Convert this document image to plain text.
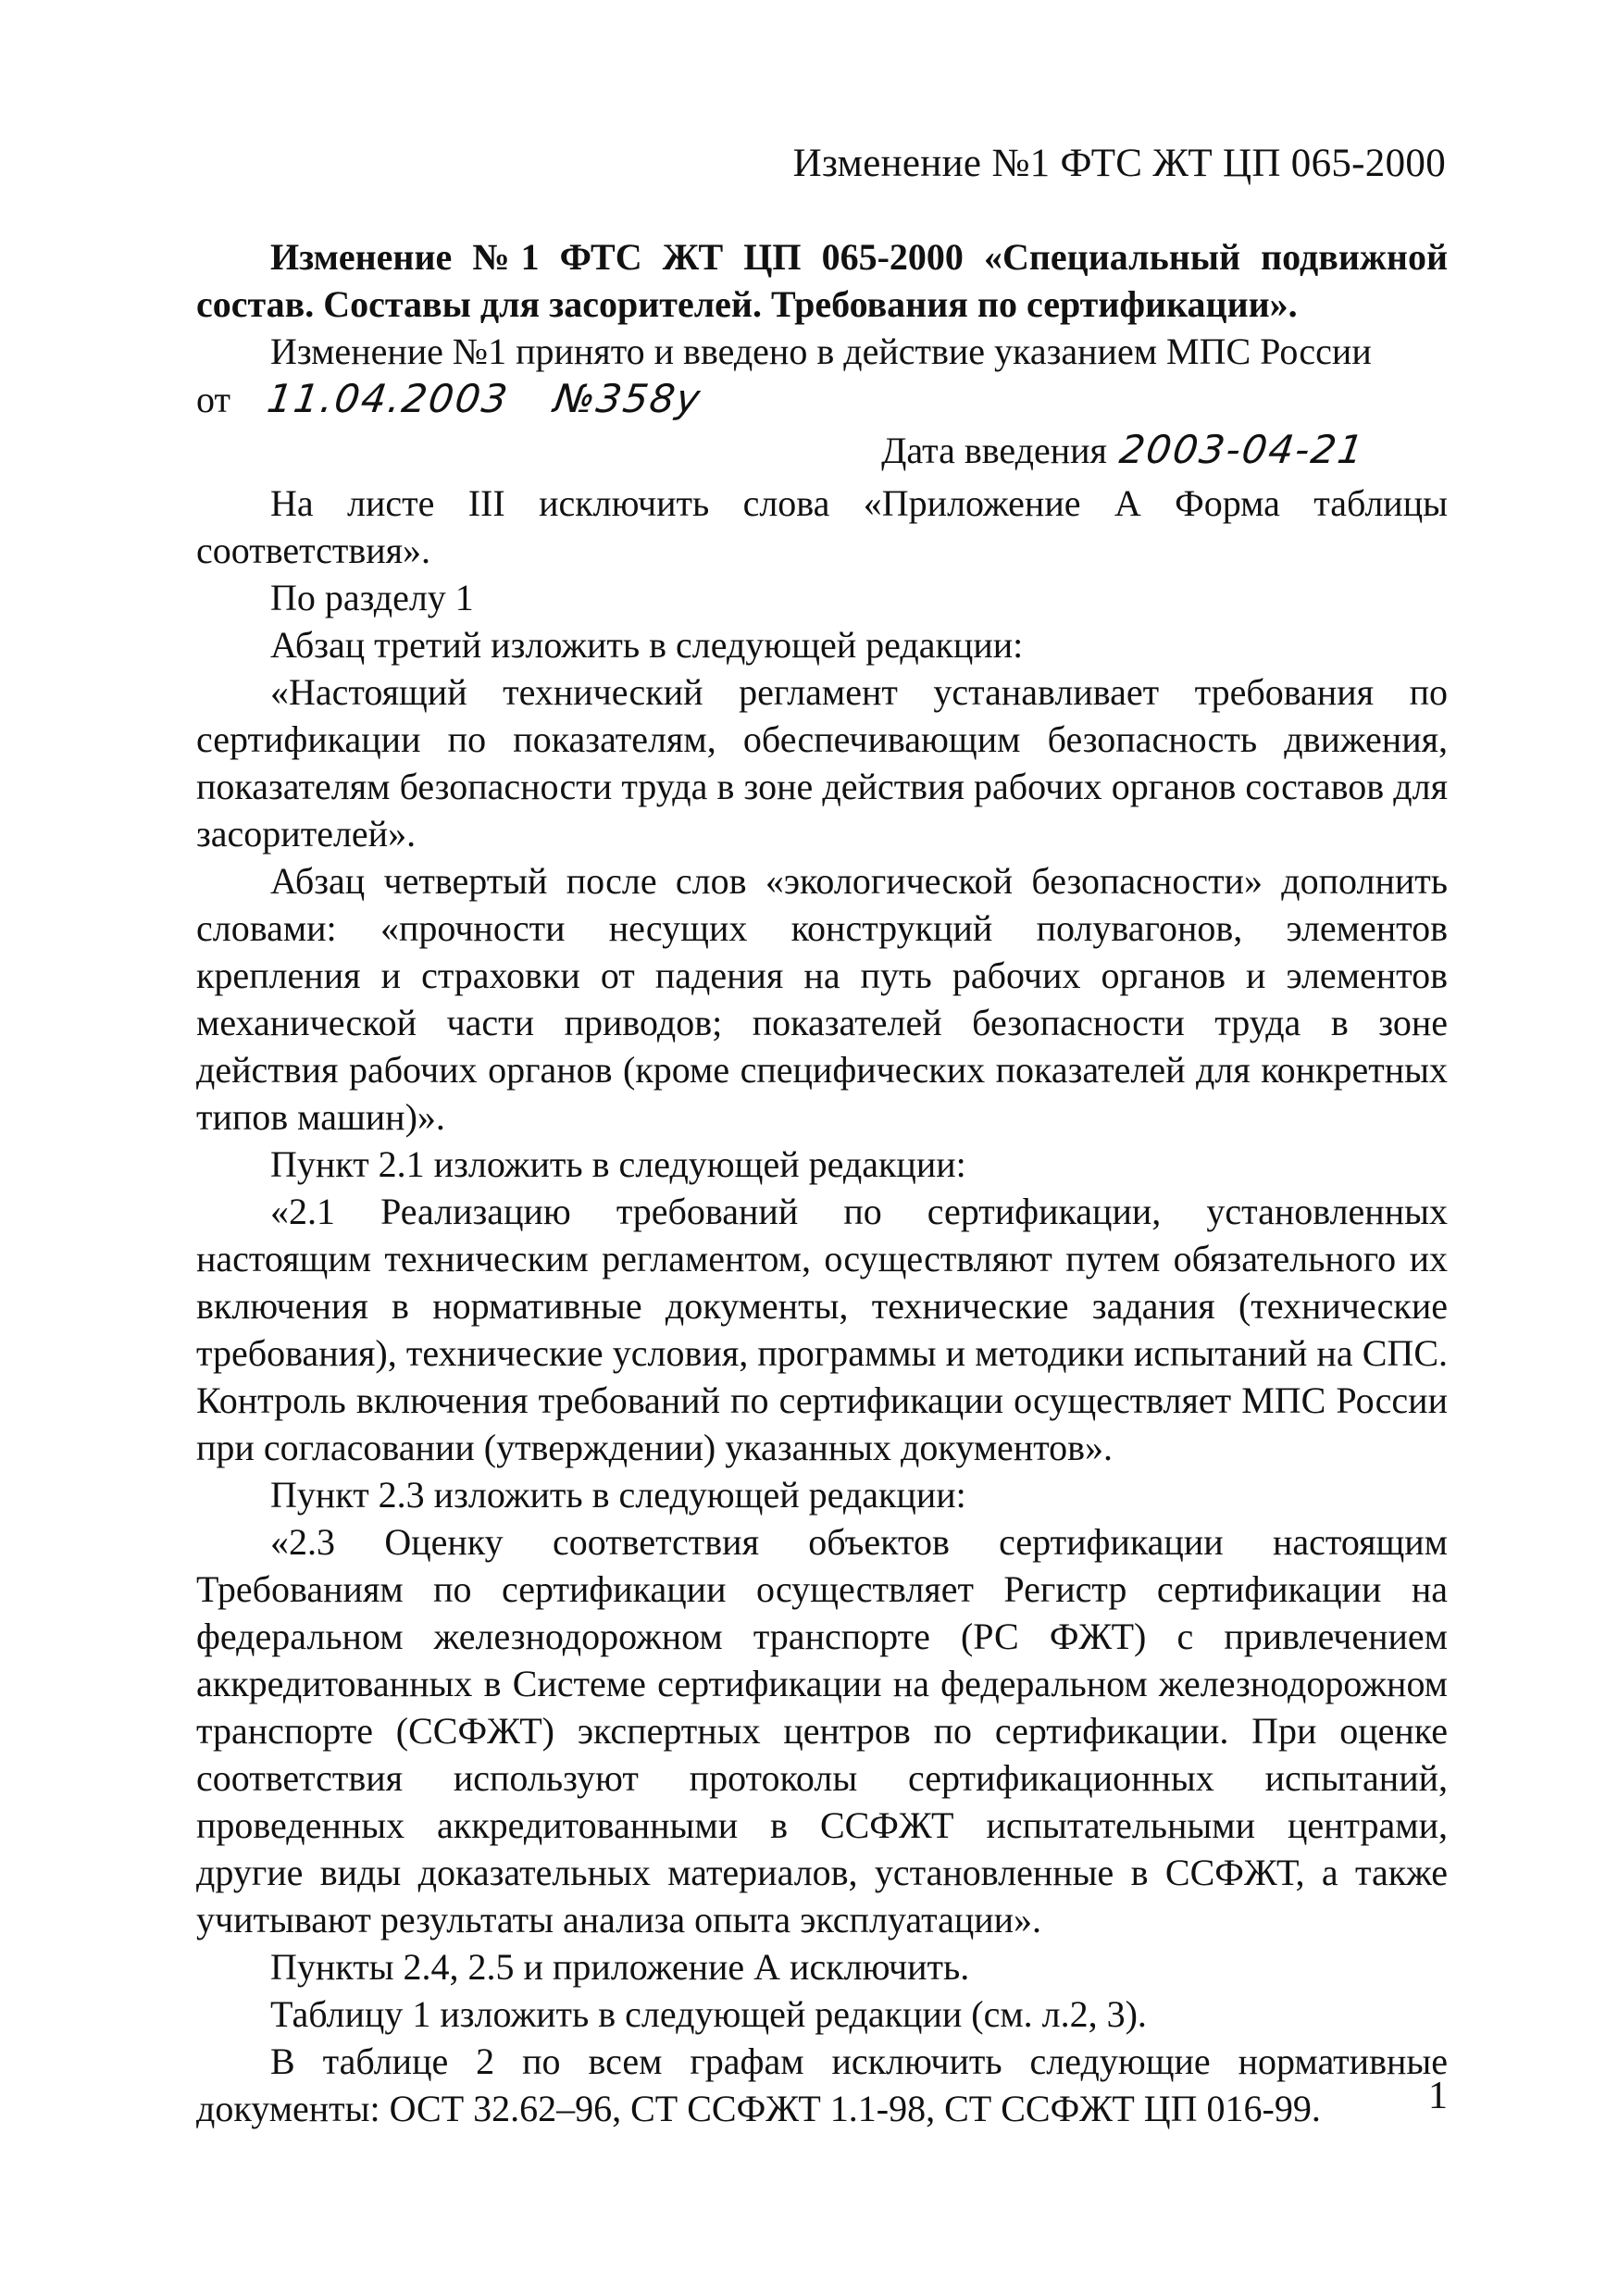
Изменение №1 ФТС ЖТ ЦП 065-2000

Изменение №1 ФТС ЖТ ЦП 065-2000 «Специальный подвижной состав. Составы для засорителей. Требования по сертификации».

Изменение №1 принято и введено в действие указанием МПС России

от 11.04.2003 №358у
Дата введения 2003-04-21

На листе III исключить слова «Приложение А Форма таблицы соответствия».

По разделу 1

Абзац третий изложить в следующей редакции:

«Настоящий технический регламент устанавливает требования по сертификации по показателям, обеспечивающим безопасность движения, показателям безопасности труда в зоне действия рабочих органов составов для засорителей».

Абзац четвертый после слов «экологической безопасности» дополнить словами: «прочности несущих конструкций полувагонов, элементов крепления и страховки от падения на путь рабочих органов и элементов механической части приводов; показателей безопасности труда в зоне действия рабочих органов (кроме специфических показателей для конкретных типов машин)».

Пункт 2.1 изложить в следующей редакции:

«2.1 Реализацию требований по сертификации, установленных настоящим техническим регламентом, осуществляют путем обязательного их включения в нормативные документы, технические задания (технические требования), технические условия, программы и методики испытаний на СПС. Контроль включения требований по сертификации осуществляет МПС России при согласовании (утверждении) указанных документов».

Пункт 2.3 изложить в следующей редакции:

«2.3 Оценку соответствия объектов сертификации настоящим Требованиям по сертификации осуществляет Регистр сертификации на федеральном железнодорожном транспорте (РС ФЖТ) с привлечением аккредитованных в Системе сертификации на федеральном железнодорожном транспорте (ССФЖТ) экспертных центров по сертификации. При оценке соответствия используют протоколы сертификационных испытаний, проведенных аккредитованными в ССФЖТ испытательными центрами, другие виды доказательных материалов, установленные в ССФЖТ, а также учитывают результаты анализа опыта эксплуатации».

Пункты 2.4, 2.5 и приложение А исключить.

Таблицу 1 изложить в следующей редакции (см. л.2, 3).

В таблице 2 по всем графам исключить следующие нормативные документы: ОСТ 32.62–96, СТ ССФЖТ 1.1-98, СТ ССФЖТ ЦП 016-99.	1
